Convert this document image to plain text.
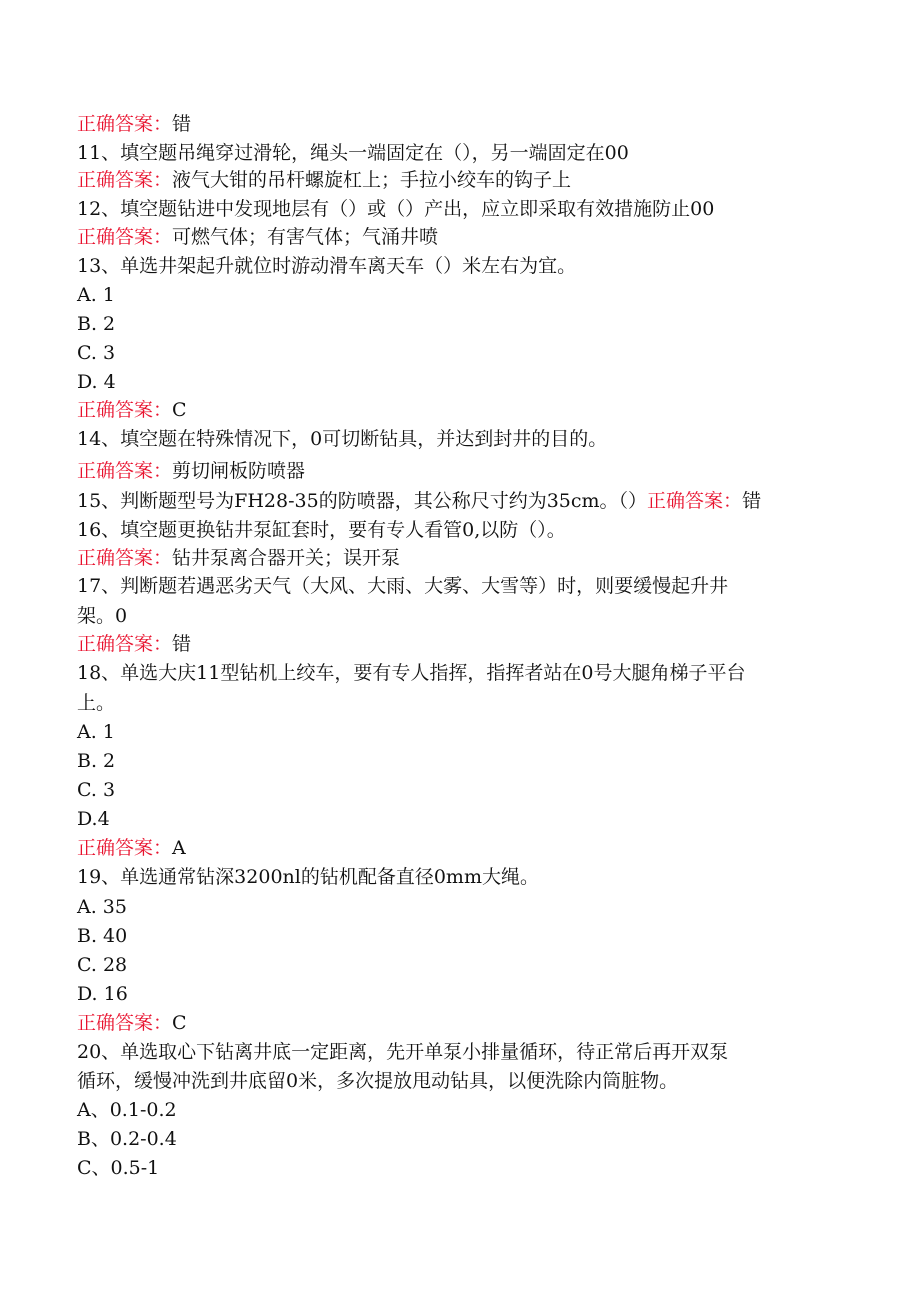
正确答案：错
11、填空题吊绳穿过滑轮，绳头一端固定在（），另一端固定在00
正确答案：液气大钳的吊杆螺旋杠上；手拉小绞车的钩子上
12、填空题钻进中发现地层有（）或（）产出，应立即采取有效措施防止00
正确答案：可燃气体；有害气体；气涌井喷
13、单选井架起升就位时游动滑车离天车（）米左右为宜。
A. 1
B. 2
C. 3
D. 4
正确答案：C
14、填空题在特殊情况下，0可切断钻具，并达到封井的目的。
正确答案：剪切闸板防喷器
15、判断题型号为FH28-35的防喷器，其公称尺寸约为35cm。（）正确答案：错
16、填空题更换钻井泵缸套时，要有专人看管0,以防（）。
正确答案：钻井泵离合器开关；误开泵
17、判断题若遇恶劣天气（大风、大雨、大雾、大雪等）时，则要缓慢起升井
架。0
正确答案：错
18、单选大庆11型钻机上绞车，要有专人指挥，指挥者站在0号大腿角梯子平台
上。
A. 1
B. 2
C. 3
D.4
正确答案：A
19、单选通常钻深3200nl的钻机配备直径0mm大绳。
A. 35
B. 40
C. 28
D. 16
正确答案：C
20、单选取心下钻离井底一定距离，先开单泵小排量循环，待正常后再开双泵
循环，缓慢冲洗到井底留0米，多次提放甩动钻具，以便洗除内筒脏物。
A、0.1-0.2
B、0.2-0.4
C、0.5-1
